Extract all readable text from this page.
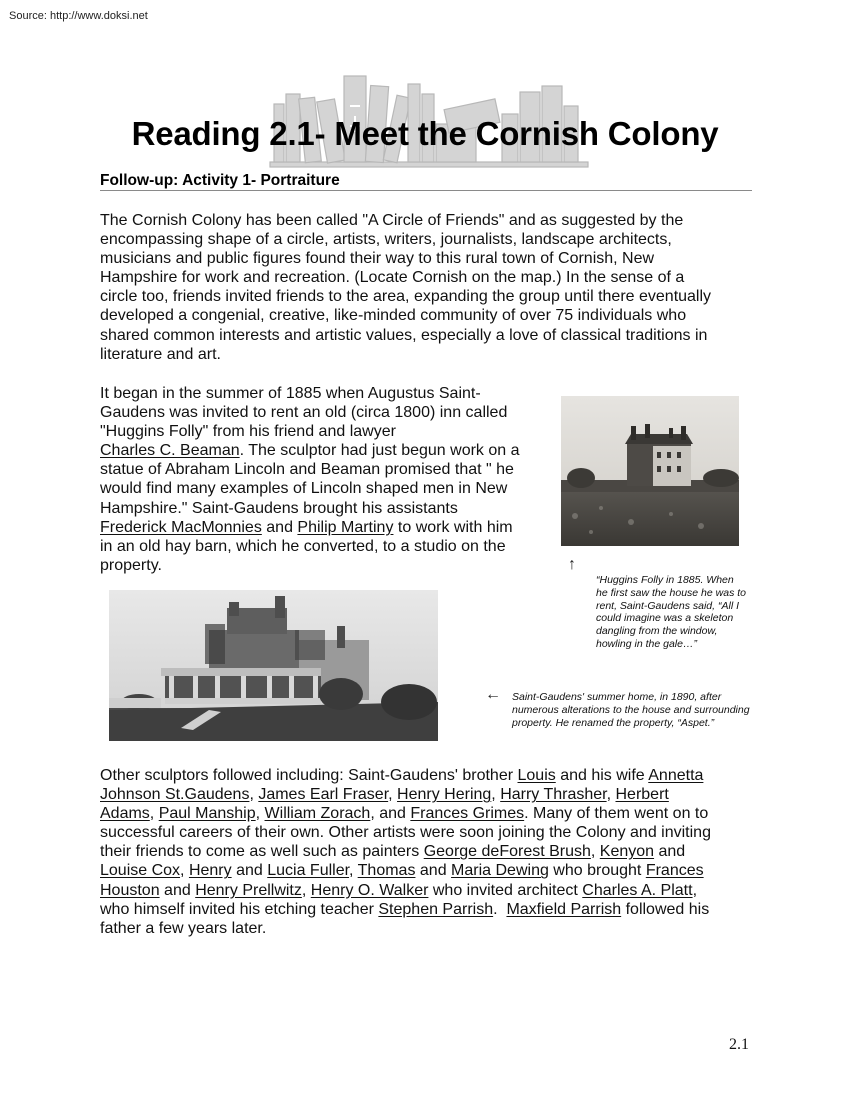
Source: http://www.doksi.net
Reading 2.1- Meet the Cornish Colony
Follow-up: Activity 1- Portraiture
The Cornish Colony has been called "A Circle of Friends" and as suggested by the
encompassing shape of a circle, artists, writers, journalists, landscape architects,
musicians and public figures found their way to this rural town of Cornish, New
Hampshire for work and recreation. (Locate Cornish on the map.) In the sense of a
circle too, friends invited friends to the area, expanding the group until there eventually
developed a congenial, creative, like-minded community of over 75 individuals who
shared common interests and artistic values, especially a love of classical traditions in
literature and art.
It began in the summer of 1885 when Augustus Saint-
Gaudens was invited to rent an old (circa 1800) inn called
"Huggins Folly" from his friend and lawyer
Charles C. Beaman. The sculptor had just begun work on a
statue of Abraham Lincoln and Beaman promised that " he
would find many examples of Lincoln shaped men in New
Hampshire." Saint-Gaudens brought his assistants
Frederick MacMonnies and Philip Martiny to work with him
in an old hay barn, which he converted, to a studio on the
property.	↑
“Huggins Folly in 1885. When he first saw the house he was to rent, Saint-Gaudens said, “All I could imagine was a skeleton dangling from the window, howling in the gale…”
← Saint-Gaudens' summer home, in 1890, after numerous alterations to the house and surrounding property. He renamed the property, “Aspet.”
Other sculptors followed including: Saint-Gaudens' brother Louis and his wife Annetta
Johnson St.Gaudens, James Earl Fraser, Henry Hering, Harry Thrasher, Herbert
Adams, Paul Manship, William Zorach, and Frances Grimes. Many of them went on to
successful careers of their own. Other artists were soon joining the Colony and inviting
their friends to come as well such as painters George deForest Brush, Kenyon and
Louise Cox, Henry and Lucia Fuller, Thomas and Maria Dewing who brought Frances
Houston and Henry Prellwitz, Henry O. Walker who invited architect Charles A. Platt,
who himself invited his etching teacher Stephen Parrish.  Maxfield Parrish followed his
father a few years later.
2.1
